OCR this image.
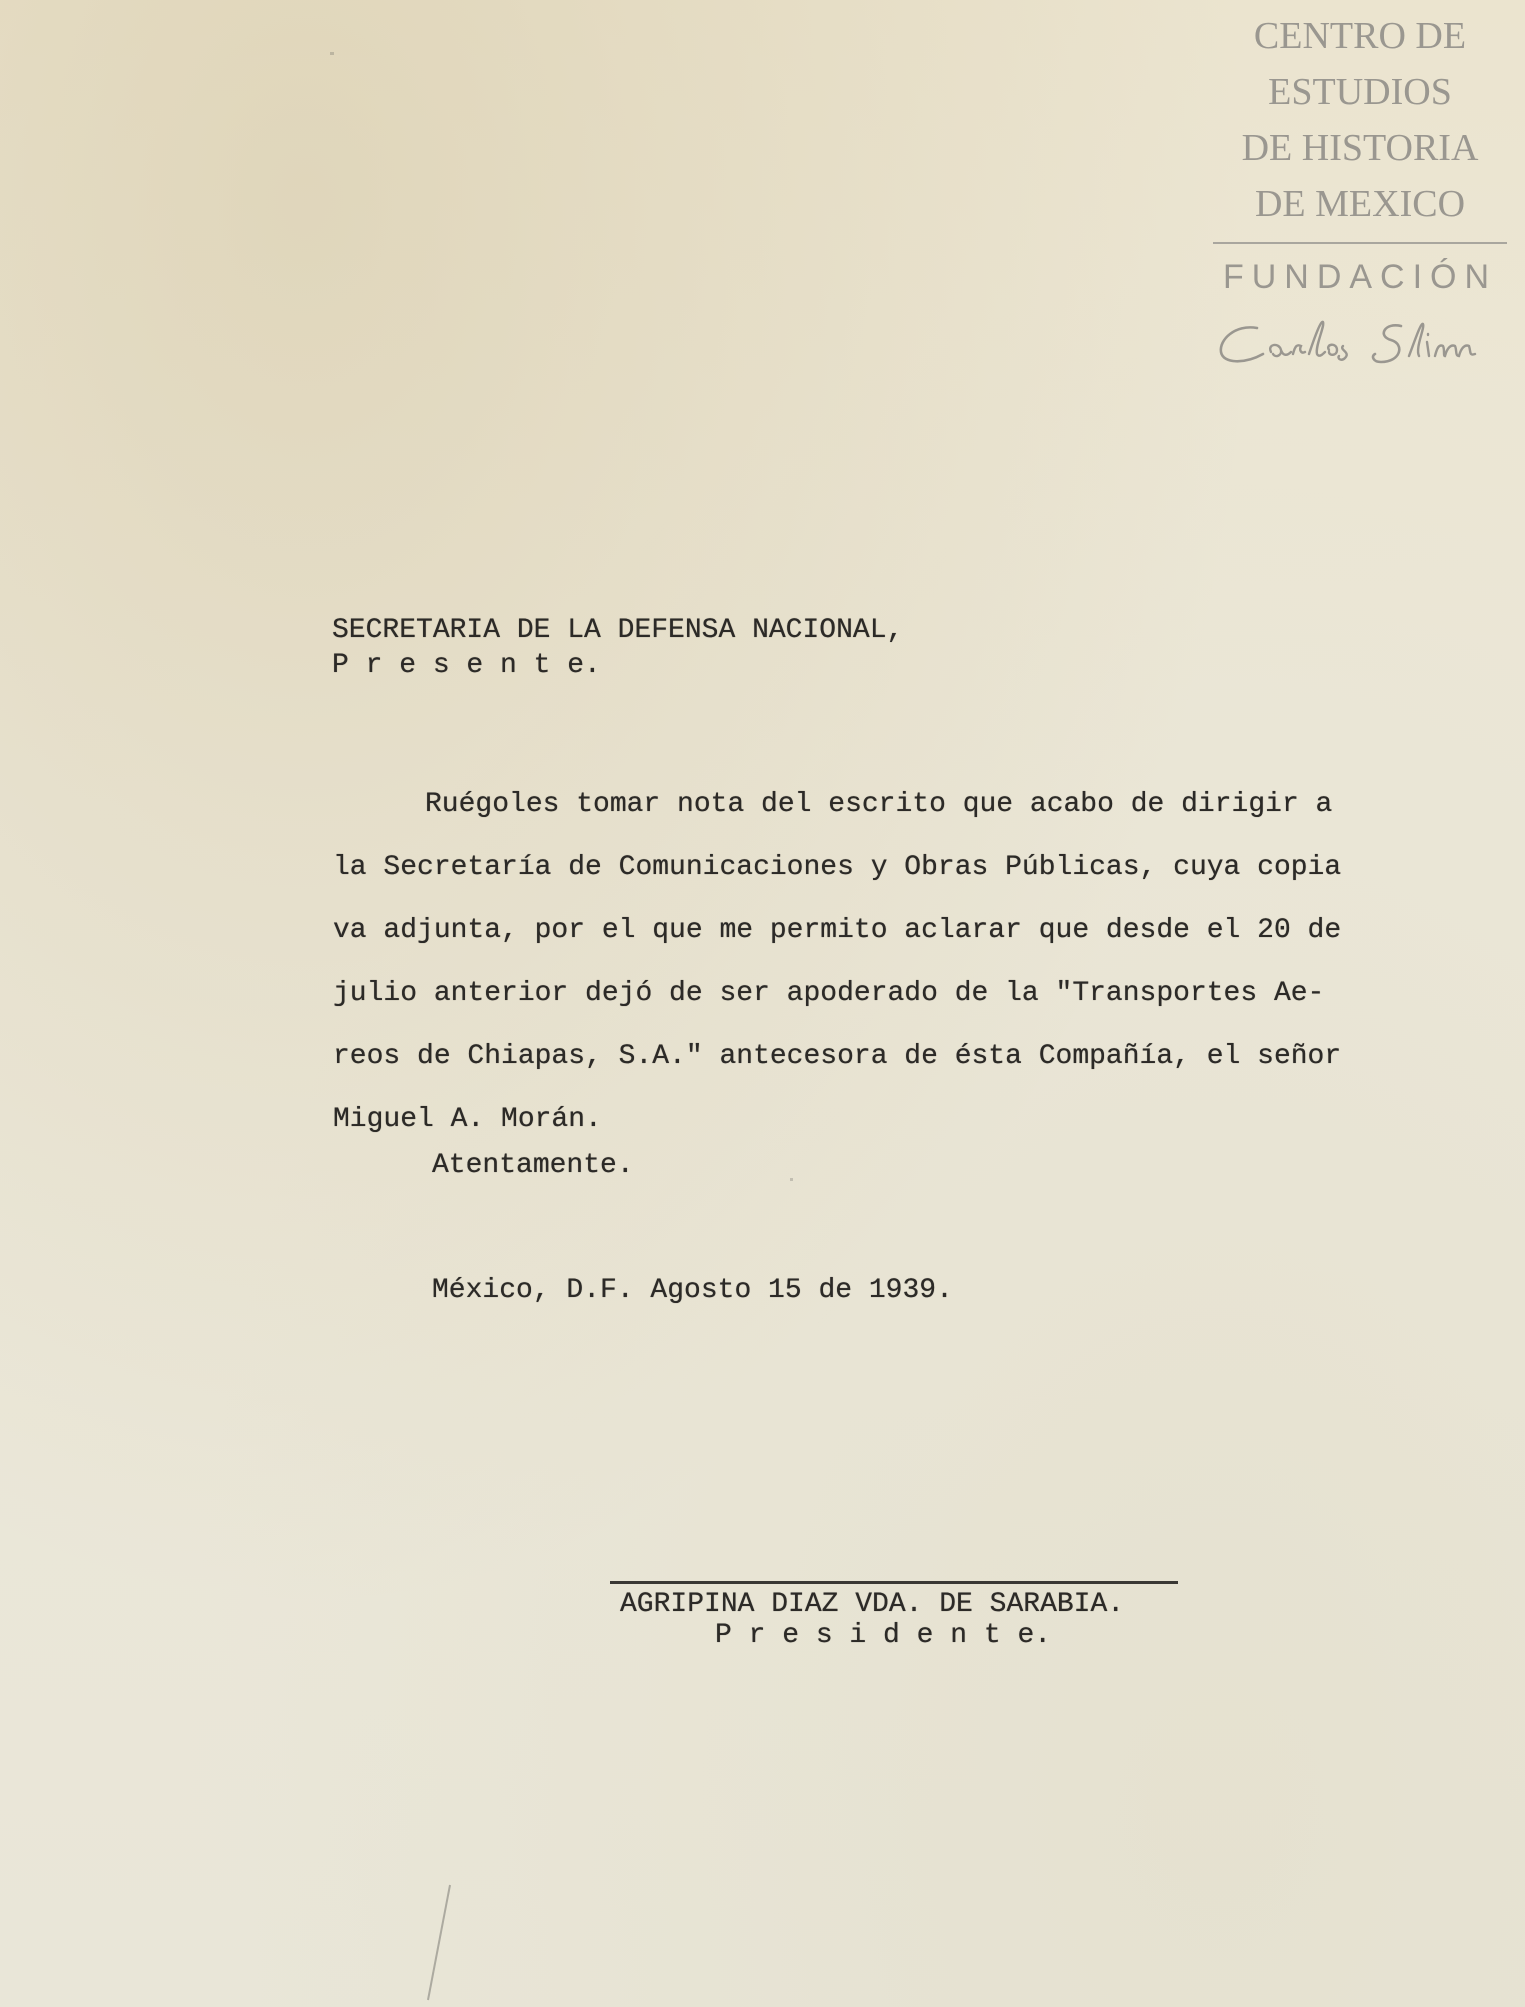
CENTRO DE
ESTUDIOS
DE HISTORIA
DE MEXICO
FUNDACIÓN
SECRETARIA DE LA DEFENSA NACIONAL,
P r e s e n t e.
Ruégoles tomar nota del escrito que acabo de dirigir a
la Secretaría de Comunicaciones y Obras Públicas, cuya copia
va adjunta, por el que me permito aclarar que desde el 20 de
julio anterior dejó de ser apoderado de la "Transportes Ae-
reos de Chiapas, S.A." antecesora de ésta Compañía, el señor
Miguel A. Morán.
Atentamente.
México, D.F. Agosto 15 de 1939.
AGRIPINA DIAZ VDA. DE SARABIA.
P r e s i d e n t e.
